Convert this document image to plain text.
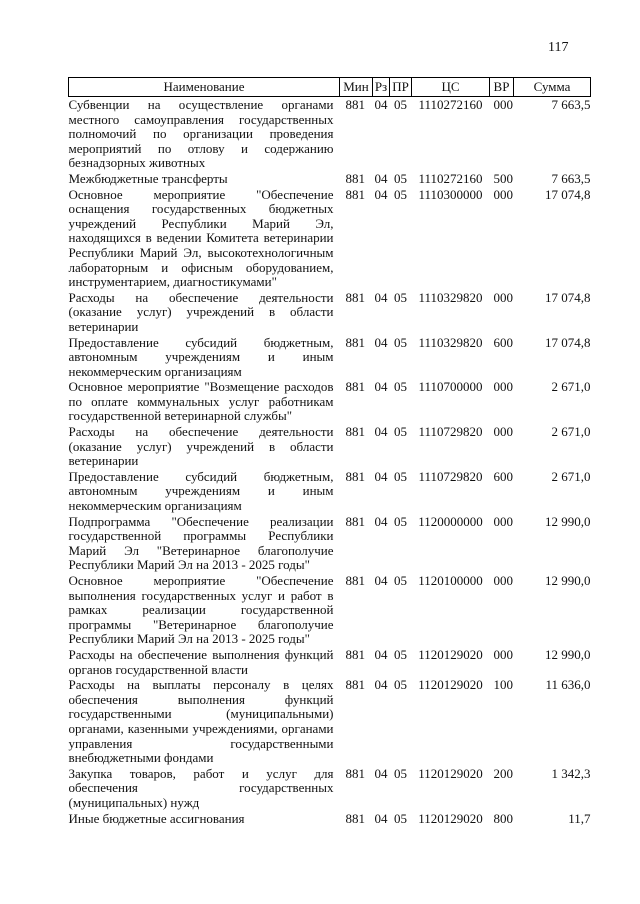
117
Наименование	Мин	Рз	ПР	ЦС	ВР	Сумма
Субвенции на осуществление органами местного самоуправления государственных полномочий по организации проведения мероприятий по отлову и содержанию безнадзорных животных	881	04	05	1110272160	000	7 663,5
Межбюджетные трансферты	881	04	05	1110272160	500	7 663,5
Основное мероприятие "Обеспечение оснащения государственных бюджетных учреждений Республики Марий Эл, находящихся в ведении Комитета ветеринарии Республики Марий Эл, высокотехнологичным лабораторным и офисным оборудованием, инструментарием, диагностикумами"	881	04	05	1110300000	000	17 074,8
Расходы на обеспечение деятельности (оказание услуг) учреждений в области ветеринарии	881	04	05	1110329820	000	17 074,8
Предоставление субсидий бюджетным, автономным учреждениям и иным некоммерческим организациям	881	04	05	1110329820	600	17 074,8
Основное мероприятие "Возмещение расходов по оплате коммунальных услуг работникам государственной ветеринарной службы"	881	04	05	1110700000	000	2 671,0
Расходы на обеспечение деятельности (оказание услуг) учреждений в области ветеринарии	881	04	05	1110729820	000	2 671,0
Предоставление субсидий бюджетным, автономным учреждениям и иным некоммерческим организациям	881	04	05	1110729820	600	2 671,0
Подпрограмма "Обеспечение реализации государственной программы Республики Марий Эл "Ветеринарное благополучие Республики Марий Эл на 2013 - 2025 годы"	881	04	05	1120000000	000	12 990,0
Основное мероприятие "Обеспечение выполнения государственных услуг и работ в рамках реализации государственной программы "Ветеринарное благополучие Республики Марий Эл на 2013 - 2025 годы"	881	04	05	1120100000	000	12 990,0
Расходы на обеспечение выполнения функций органов государственной власти	881	04	05	1120129020	000	12 990,0
Расходы на выплаты персоналу в целях обеспечения выполнения функций государственными (муниципальными) органами, казенными учреждениями, органами управления государственными внебюджетными фондами	881	04	05	1120129020	100	11 636,0
Закупка товаров, работ и услуг для обеспечения государственных (муниципальных) нужд	881	04	05	1120129020	200	1 342,3
Иные бюджетные ассигнования	881	04	05	1120129020	800	11,7
